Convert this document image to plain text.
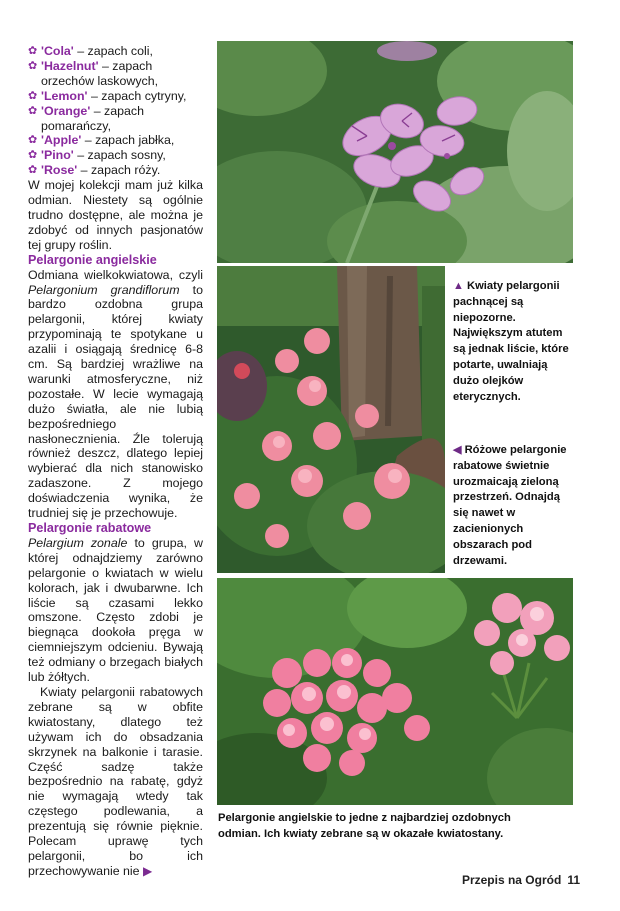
✿ 'Cola' – zapach coli,
✿ 'Hazelnut' – zapach orzechów laskowych,
✿ 'Lemon' – zapach cytryny,
✿ 'Orange' – zapach pomarańczy,
✿ 'Apple' – zapach jabłka,
✿ 'Pino' – zapach sosny,
✿ 'Rose' – zapach róży.

W mojej kolekcji mam już kilka odmian. Niestety są ogólnie trudno dostępne, ale można je zdobyć od innych pasjonatów tej grupy roślin.

Pelargonie angielskie

Odmiana wielkokwiatowa, czyli Pelargonium grandiflorum to bardzo ozdobna grupa pelargonii, której kwiaty przypominają te spotykane u azalii i osiągają średnicę 6-8 cm. Są bardziej wrażliwe na warunki atmosferyczne, niż pozostałe. W lecie wymagają dużo światła, ale nie lubią bezpośredniego nasłonecznienia. Źle tolerują również deszcz, dlatego lepiej wybierać dla nich stanowisko zadaszone. Z mojego doświadczenia wynika, że trudniej się je przechowuje.

Pelargonie rabatowe

Pelargium zonale to grupa, w której odnajdziemy zarówno pelargonie o kwiatach w wielu kolorach, jak i dwubarwne. Ich liście są czasami lekko omszone. Często zdobi je biegnąca dookoła pręga w ciemniejszym odcieniu. Bywają też odmiany o brzegach białych lub żółtych.

Kwiaty pelargonii rabatowych zebrane są w obfite kwiatostany, dlatego też używam ich do obsadzania skrzynek na balkonie i tarasie. Część sadzę także bezpośrednio na rabatę, gdyż nie wymagają wtedy tak częstego podlewania, a prezentują się równie pięknie. Polecam uprawę tych pelargonii, bo ich przechowywanie nie ▶

▲ Kwiaty pelargonii pachnącej są niepozorne. Największym atutem są jednak liście, które potarte, uwalniają dużo olejków eterycznych.
◀ Różowe pelargonie rabatowe świetnie urozmaicają zieloną przestrzeń. Odnajdą się nawet w zacienionych obszarach pod drzewami.
Pelargonie angielskie to jedne z najbardziej ozdobnych odmian. Ich kwiaty zebrane są w okazałe kwiatostany.
Przepis na Ogród 11
